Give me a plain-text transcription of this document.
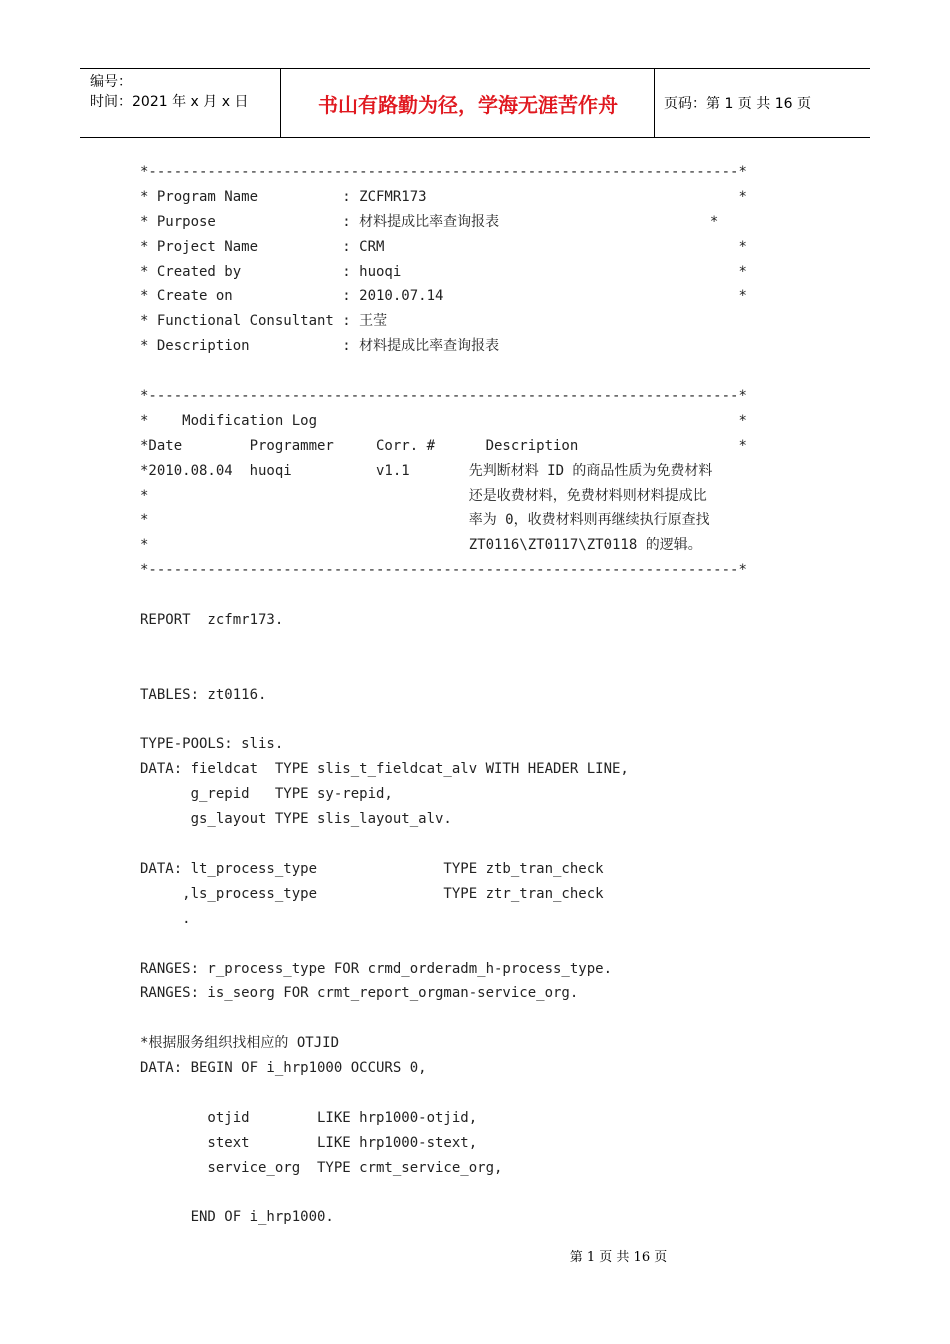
编号：
时间：2021 年 x 月 x 日	书山有路勤为径，学海无涯苦作舟	页码：第 1 页 共 16 页
*----------------------------------------------------------------------*
* Program Name          : ZCFMR173                                     *
* Purpose               : 材料提成比率查询报表                         *
* Project Name          : CRM                                          *
* Created by            : huoqi                                        *
* Create on             : 2010.07.14                                   *
* Functional Consultant : 王莹
* Description           : 材料提成比率查询报表
*----------------------------------------------------------------------*
*    Modification Log                                                  *
*Date        Programmer     Corr. #      Description                   *
*2010.08.04  huoqi          v1.1       先判断材料 ID 的商品性质为免费材料
*                                      还是收费材料，免费材料则材料提成比
*                                      率为 0，收费材料则再继续执行原查找
*                                      ZT0116\ZT0117\ZT0118 的逻辑。
*----------------------------------------------------------------------*
REPORT  zcfmr173.
TABLES: zt0116.
TYPE-POOLS: slis.
DATA: fieldcat  TYPE slis_t_fieldcat_alv WITH HEADER LINE,
g_repid   TYPE sy-repid,
gs_layout TYPE slis_layout_alv.
DATA: lt_process_type               TYPE ztb_tran_check
,ls_process_type               TYPE ztr_tran_check
.
RANGES: r_process_type FOR crmd_orderadm_h-process_type.
RANGES: is_seorg FOR crmt_report_orgman-service_org.
*根据服务组织找相应的 OTJID
DATA: BEGIN OF i_hrp1000 OCCURS 0,
otjid        LIKE hrp1000-otjid,
stext        LIKE hrp1000-stext,
service_org  TYPE crmt_service_org,
END OF i_hrp1000.
第 1 页 共 16 页
